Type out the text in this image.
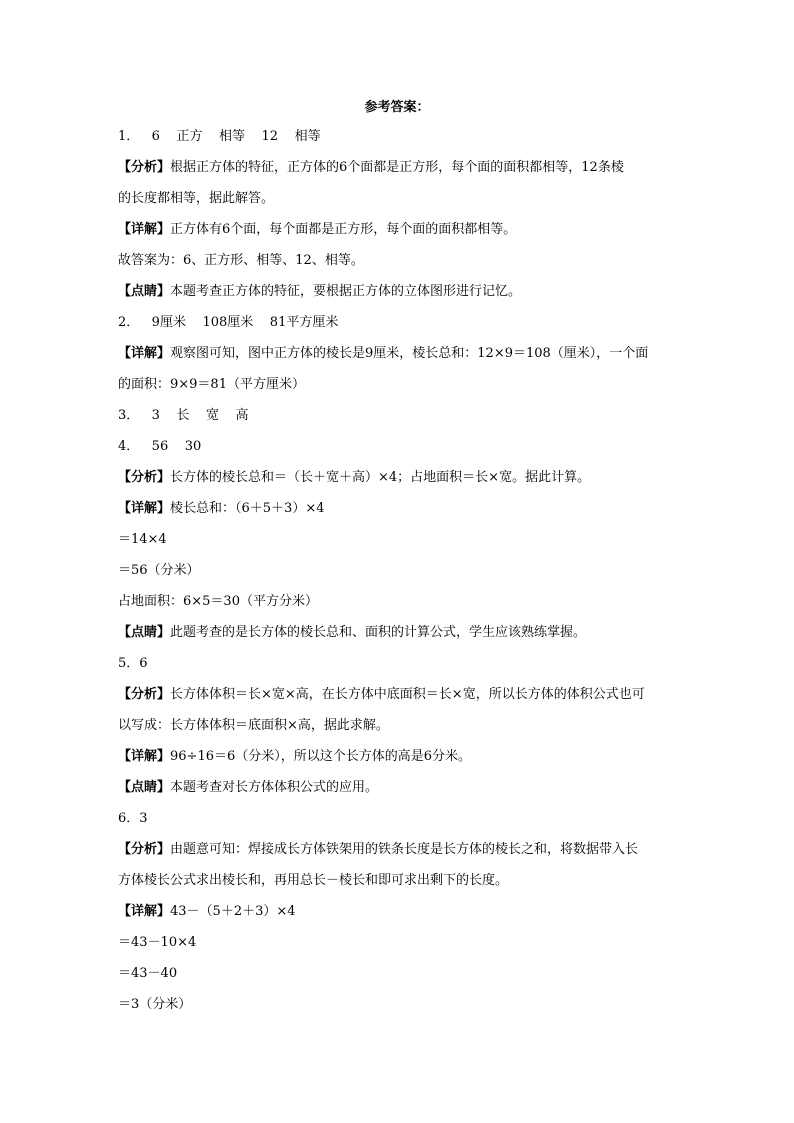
参考答案：
1．   6    正方    相等    12    相等
【分析】根据正方体的特征，正方体的6个面都是正方形，每个面的面积都相等，12条棱
的长度都相等，据此解答。
【详解】正方体有6个面，每个面都是正方形，每个面的面积都相等。
故答案为：6、正方形、相等、12、相等。
【点睛】本题考查正方体的特征，要根据正方体的立体图形进行记忆。
2．   9厘米    108厘米    81平方厘米
【详解】观察图可知，图中正方体的棱长是9厘米，棱长总和：12×9＝108（厘米），一个面
的面积：9×9＝81（平方厘米）
3．   3    长    宽    高
4．   56    30
【分析】长方体的棱长总和＝（长＋宽＋高）×4；占地面积＝长×宽。据此计算。
【详解】棱长总和：（6＋5＋3）×4
＝14×4
＝56（分米）
占地面积：6×5＝30（平方分米）
【点睛】此题考查的是长方体的棱长总和、面积的计算公式，学生应该熟练掌握。
5．6
【分析】长方体体积＝长×宽×高，在长方体中底面积＝长×宽，所以长方体的体积公式也可
以写成：长方体体积＝底面积×高，据此求解。
【详解】96÷16＝6（分米），所以这个长方体的高是6分米。
【点睛】本题考查对长方体体积公式的应用。
6．3
【分析】由题意可知：焊接成长方体铁架用的铁条长度是长方体的棱长之和，将数据带入长
方体棱长公式求出棱长和，再用总长－棱长和即可求出剩下的长度。
【详解】43－（5＋2＋3）×4
＝43－10×4
＝43－40
＝3（分米）
